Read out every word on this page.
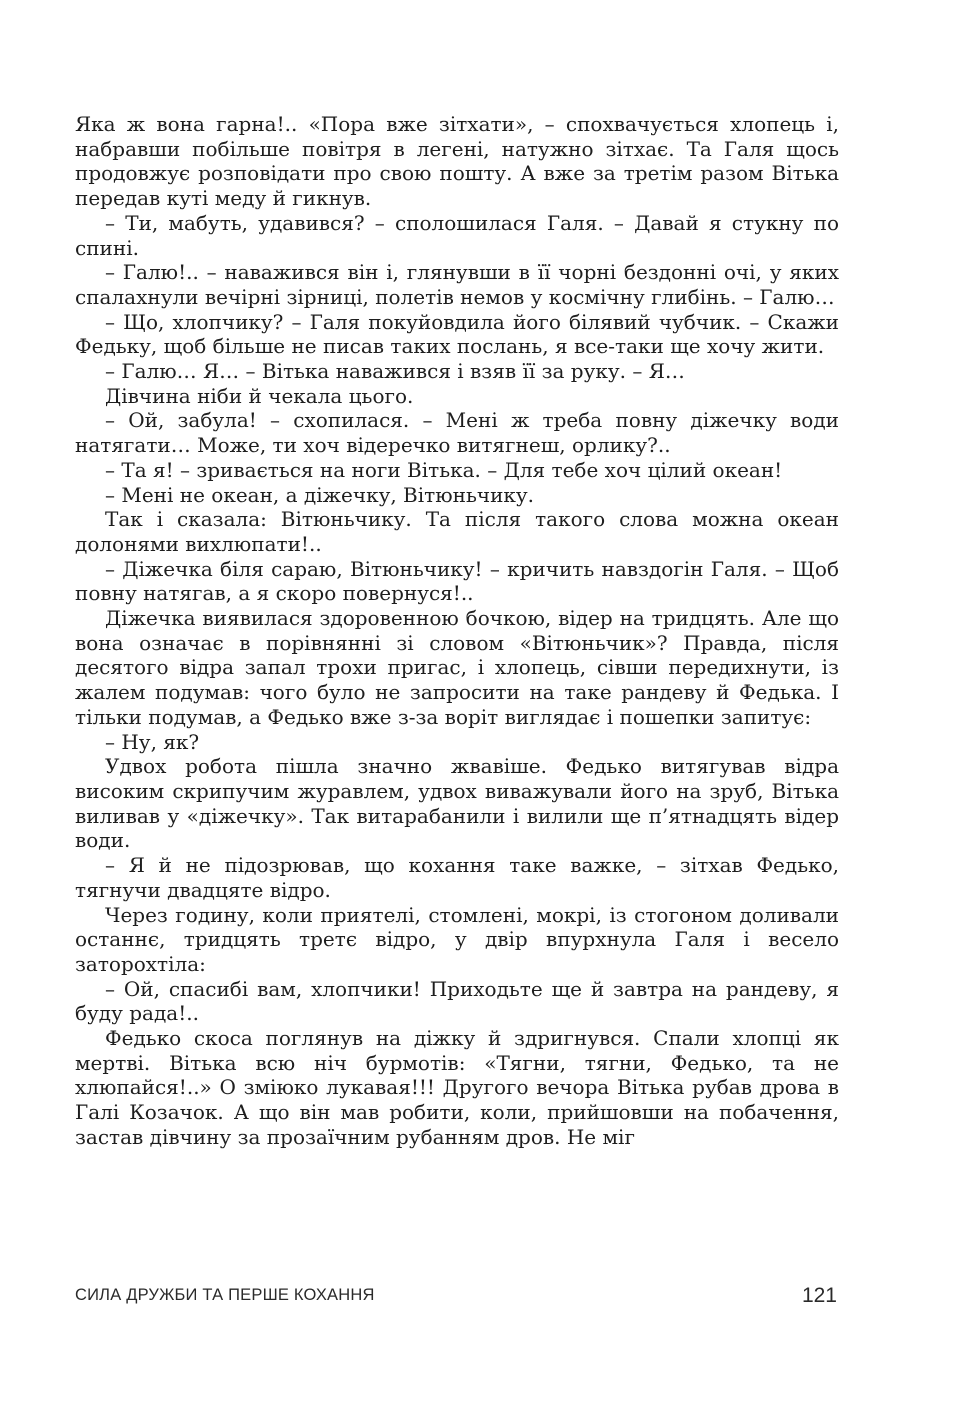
Яка ж вона гарна!.. «Пора вже зітхати», – спохвачується хлопець і, набравши побільше повітря в легені, натужно зітхає. Та Галя щось продовжує розповідати про свою пошту. А вже за третім разом Вітька передав куті меду й гикнув.

– Ти, мабуть, удавився? – сполошилася Галя. – Давай я стукну по спині.

– Галю!.. – наважився він і, глянувши в її чорні бездонні очі, у яких спалахнули вечірні зірниці, полетів немов у космічну глибінь. – Галю…

– Що, хлопчику? – Галя покуйовдила його білявий чубчик. – Скажи Федьку, щоб більше не писав таких послань, я все-таки ще хочу жити.

– Галю… Я… – Вітька наважився і взяв її за руку. – Я…

Дівчина ніби й чекала цього.

– Ой, забула! – схопилася. – Мені ж треба повну діжечку води натягати… Може, ти хоч відеречко витягнеш, орлику?..

– Та я! – зривається на ноги Вітька. – Для тебе хоч цілий океан!

– Мені не океан, а діжечку, Вітюньчику.

Так і сказала: Вітюньчику. Та після такого слова можна океан долонями вихлюпати!..

– Діжечка біля сараю, Вітюньчику! – кричить навздогін Галя. – Щоб повну натягав, а я скоро повернуся!..

Діжечка виявилася здоровенною бочкою, відер на тридцять. Але що вона означає в порівнянні зі словом «Вітюньчик»? Правда, після десятого відра запал трохи пригас, і хлопець, сівши передихнути, із жалем подумав: чого було не запросити на таке рандеву й Федька. І тільки подумав, а Федько вже з-за воріт виглядає і пошепки запитує:

– Ну, як?

Удвох робота пішла значно жвавіше. Федько витягував відра високим скрипучим журавлем, удвох виважували його на зруб, Вітька виливав у «діжечку». Так витарабанили і вилили ще п’ятнадцять відер води.

– Я й не підозрював, що кохання таке важке, – зітхав Федько, тягнучи двадцяте відро.

Через годину, коли приятелі, стомлені, мокрі, із стогоном доливали останнє, тридцять третє відро, у двір впурхнула Галя і весело заторохтіла:

– Ой, спасибі вам, хлопчики! Приходьте ще й завтра на рандеву, я буду рада!..

Федько скоса поглянув на діжку й здригнувся. Спали хлопці як мертві. Вітька всю ніч бурмотів: «Тягни, тягни, Федько, та не хлюпайся!..» О зміюко лукавая!!! Другого вечора Вітька рубав дрова в Галі Козачок. А що він мав робити, коли, прийшовши на побачення, застав дівчину за прозаїчним рубанням дров. Не міг

СИЛА ДРУЖБИ ТА ПЕРШЕ КОХАННЯ	121
